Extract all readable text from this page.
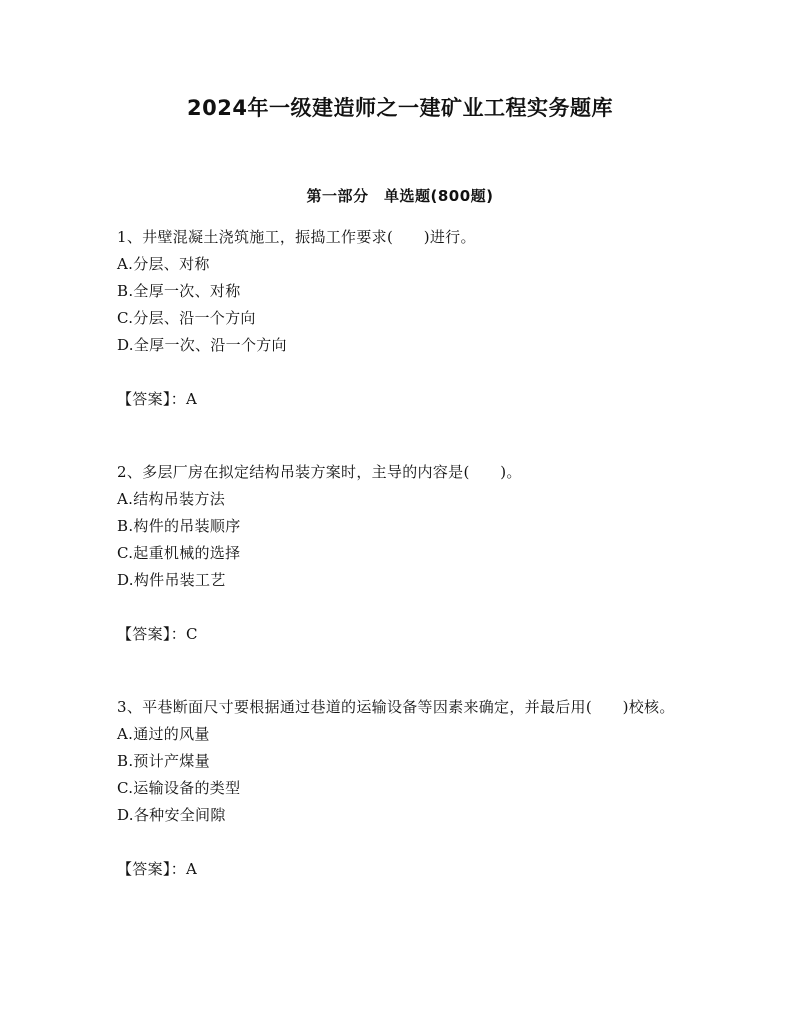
2024年一级建造师之一建矿业工程实务题库
第一部分　单选题(800题)

1、井壁混凝土浇筑施工，振捣工作要求(　　)进行。

A.分层、对称

B.全厚一次、对称

C.分层、沿一个方向

D.全厚一次、沿一个方向

【答案】：A

2、多层厂房在拟定结构吊装方案时，主导的内容是(　　)。

A.结构吊装方法

B.构件的吊装顺序

C.起重机械的选择

D.构件吊装工艺

【答案】：C

3、平巷断面尺寸要根据通过巷道的运输设备等因素来确定，并最后用(　　)校核。

A.通过的风量

B.预计产煤量

C.运输设备的类型

D.各种安全间隙

【答案】：A
